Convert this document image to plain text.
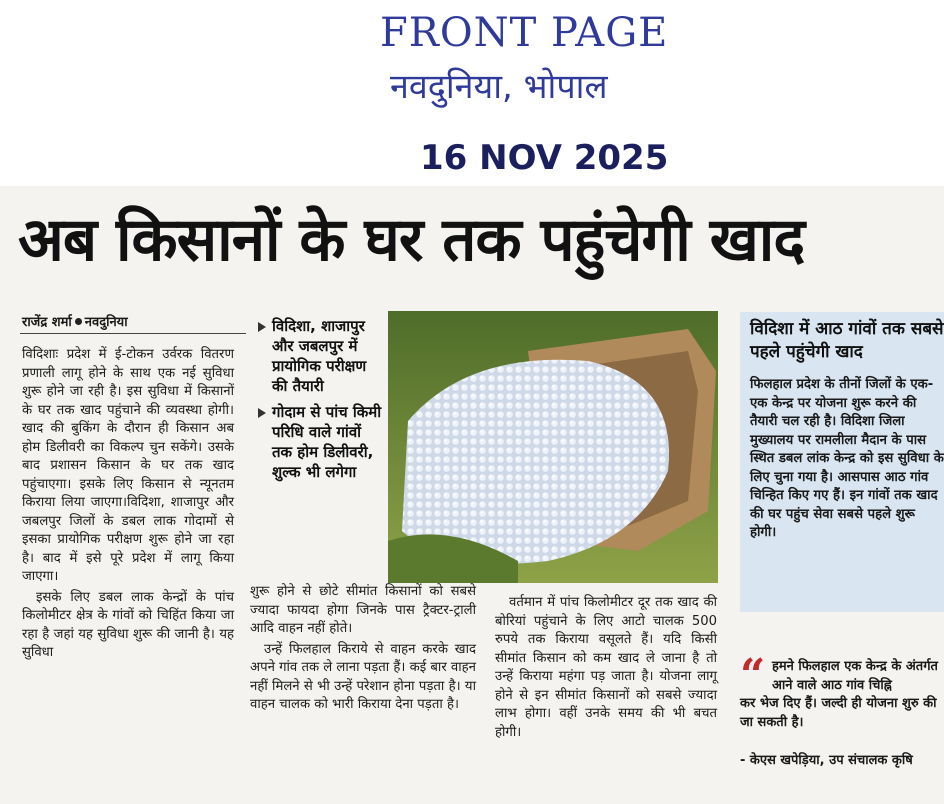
FRONT PAGE
नवदुनिया, भोपाल
16 NOV 2025
अब किसानों के घर तक पहुंचेगी खाद
राजेंद्र शर्मा नवदुनिया

विदिशाः प्रदेश में ई-टोकन उर्वरक वितरण प्रणाली लागू होने के साथ एक नई सुविधा शुरू होने जा रही है। इस सुविधा में किसानों के घर तक खाद पहुंचाने की व्यवस्था होगी। खाद की बुकिंग के दौरान ही किसान अब होम डिलीवरी का विकल्प चुन सकेंगे। उसके बाद प्रशासन किसान के घर तक खाद पहुंचाएगा। इसके लिए किसान से न्यूनतम किराया लिया जाएगा।विदिशा, शाजापुर और जबलपुर जिलों के डबल लाक गोदामों से इसका प्रायोगिक परीक्षण शुरू होने जा रहा है। बाद में इसे पूरे प्रदेश में लागू किया जाएगा।

इसके लिए डबल लाक केन्द्रों के पांच किलोमीटर क्षेत्र के गांवों को चिहिंत किया जा रहा है जहां यह सुविधा शुरू की जानी है। यह सुविधा

विदिशा, शाजापुर और जबलपुर में प्रायोगिक परीक्षण की तैयारी
गोदाम से पांच किमी परिधि वाले गांवों तक होम डिलीवरी, शुल्क भी लगेगा

शुरू होने से छोटे सीमांत किसानों को सबसे ज्यादा फायदा होगा जिनके पास ट्रैक्टर-ट्राली आदि वाहन नहीं होते।

उन्हें फिलहाल किराये से वाहन करके खाद अपने गांव तक ले लाना पड़ता हैं। कई बार वाहन नहीं मिलने से भी उन्हें परेशान होना पड़ता है। या वाहन चालक को भारी किराया देना पड़ता है।

वर्तमान में पांच किलोमीटर दूर तक खाद की बोरियां पहुंचाने के लिए आटो चालक 500 रुपये तक किराया वसूलते हैं। यदि किसी सीमांत किसान को कम खाद ले जाना है तो उन्हें किराया महंगा पड़ जाता है। योजना लागू होने से इन सीमांत किसानों को सबसे ज्यादा लाभ होगा। वहीं उनके समय की भी बचत होगी।

विदिशा में आठ गांवों तक सबसे पहले पहुंचेगी खाद
फिलहाल प्रदेश के तीनों जिलों के एक-एक केन्द्र पर योजना शुरू करने की तैयारी चल रही है। विदिशा जिला मुख्यालय पर रामलीला मैदान के पास स्थित डबल लांक केन्द्र को इस सुविधा के लिए चुना गया है। आसपास आठ गांव चिन्हित किए गए हैं। इन गांवों तक खाद की घर पहुंच सेवा सबसे पहले शुरू होगी।
“ हमने फिलहाल एक केन्द्र के अंतर्गत आने वाले आठ गांव चिह्नि
कर भेज दिए हैं। जल्दी ही योजना शुरु की जा सकती है।
- केएस खपेड़िया, उप संचालक कृषि
